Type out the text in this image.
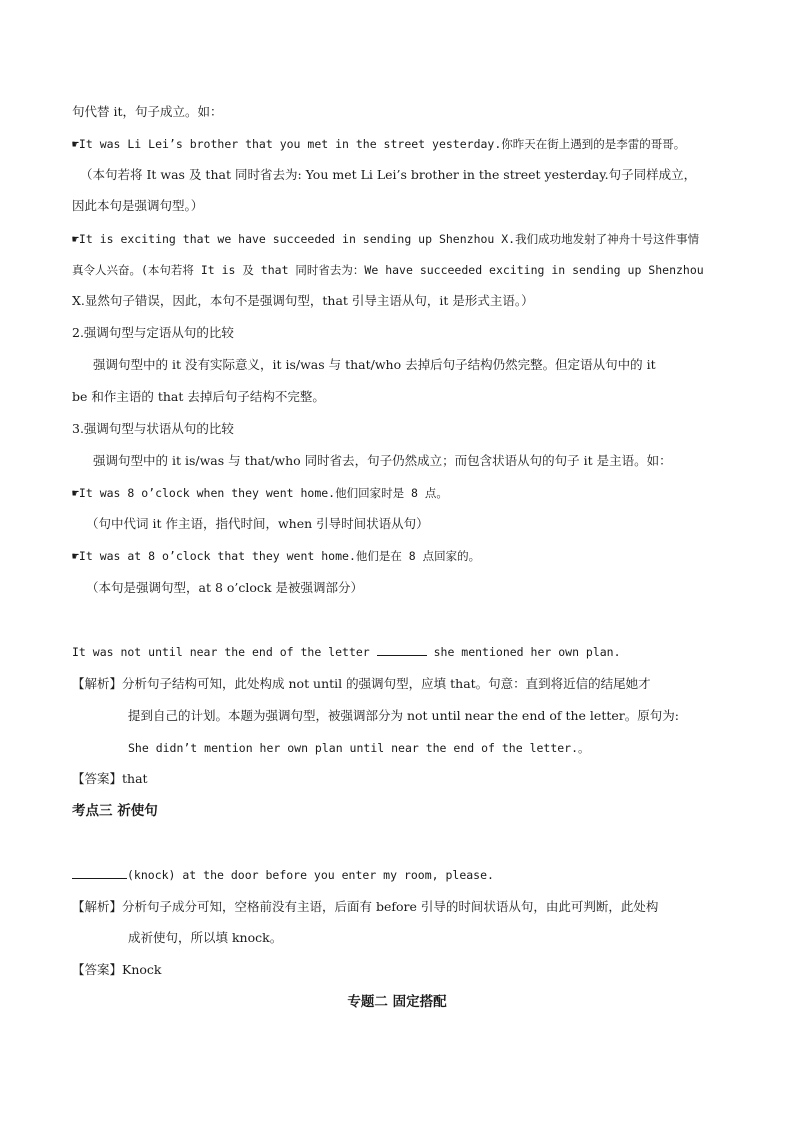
句代替 it，句子成立。如：
☛It was Li Lei’s brother that you met in the street yesterday.你昨天在街上遇到的是李雷的哥哥。
（本句若将 It was 及 that 同时省去为: You met Li Lei’s brother in the street yesterday.句子同样成立，
因此本句是强调句型。）
☛It is exciting that we have succeeded in sending up Shenzhou X.我们成功地发射了神舟十号这件事情
真令人兴奋。(本句若将 It is 及 that 同时省去为：We have succeeded exciting in sending up Shenzhou
X.显然句子错误，因此，本句不是强调句型，that 引导主语从句，it 是形式主语。）
2.强调句型与定语从句的比较
强调句型中的 it 没有实际意义，it is/was 与 that/who 去掉后句子结构仍然完整。但定语从句中的 it
be 和作主语的 that 去掉后句子结构不完整。
3.强调句型与状语从句的比较
强调句型中的 it is/was 与 that/who 同时省去，句子仍然成立；而包含状语从句的句子 it 是主语。如：
☛It was 8 o’clock when they went home.他们回家时是 8 点。
（句中代词 it 作主语，指代时间，when 引导时间状语从句）
☛It was at 8 o’clock that they went home.他们是在 8 点回家的。
（本句是强调句型，at 8 o’clock 是被强调部分）
It was not until near the end of the letter	she mentioned her own plan.
【解析】分析句子结构可知，此处构成 not until 的强调句型，应填 that。句意：直到将近信的结尾她才
提到自己的计划。本题为强调句型，被强调部分为 not until near the end of the letter。原句为:
She didn’t mention her own plan until near the end of the letter.。
【答案】that
考点三 祈使句
(knock) at the door before you enter my room, please.
【解析】分析句子成分可知，空格前没有主语，后面有 before 引导的时间状语从句，由此可判断，此处构
成祈使句，所以填 knock。
【答案】Knock
专题二 固定搭配
